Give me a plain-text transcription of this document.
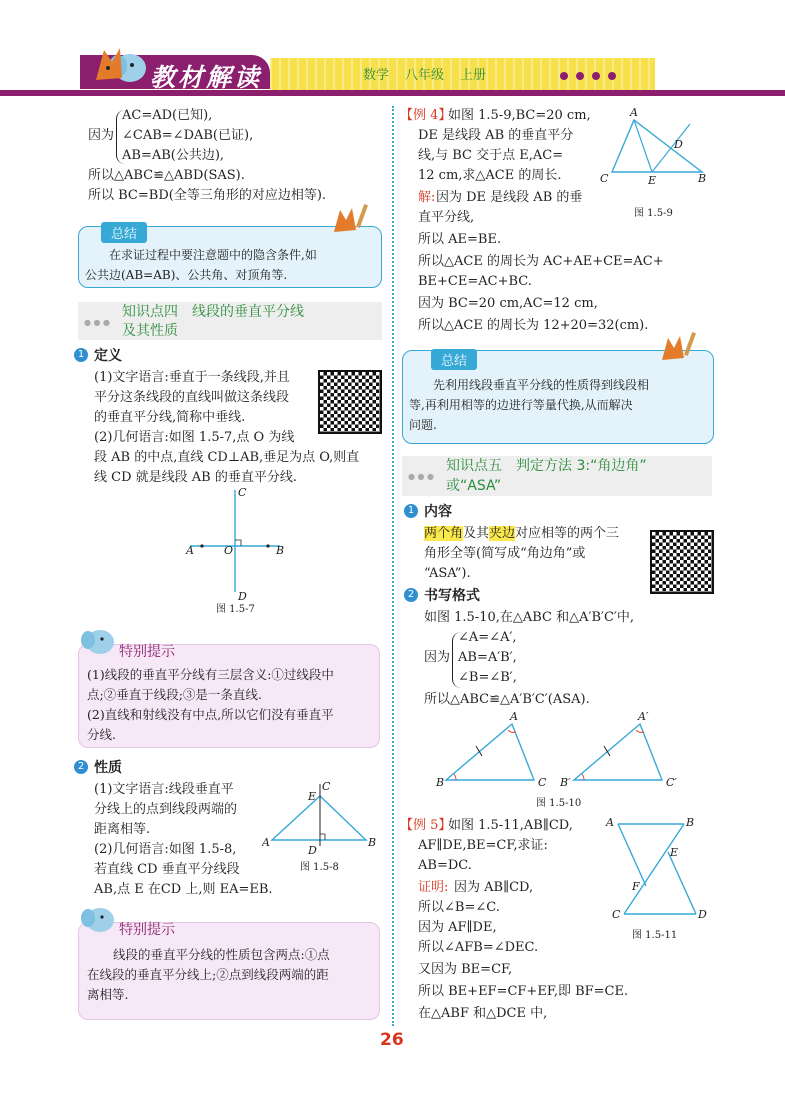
教材解读	数学 八年级 上册
因为
AC=AD(已知),
∠CAB=∠DAB(已证),
AB=AB(公共边),
所以△ABC≌△ABD(SAS).
所以 BC=BD(全等三角形的对应边相等).
总结
在求证过程中要注意题中的隐含条件,如
公共边(AB=AB)、公共角、对顶角等.
● ● ●
知识点四　线段的垂直平分线
及其性质
1 定义
(1)文字语言:垂直于一条线段,并且
平分这条线段的直线叫做这条线段
的垂直平分线,简称中垂线.
(2)几何语言:如图 1.5-7,点 O 为线
段 AB 的中点,直线 CD⊥AB,垂足为点 O,则直
线 CD 就是线段 AB 的垂直平分线.
C
A	O	B
D
图 1.5-7
特别提示
(1)线段的垂直平分线有三层含义:①过线段中
点;②垂直于线段;③是一条直线.
(2)直线和射线没有中点,所以它们没有垂直平
分线.
2 性质
(1)文字语言:线段垂直平
分线上的点到线段两端的
距离相等.
(2)几何语言:如图 1.5-8,
若直线 CD 垂直平分线段
AB,点 E 在CD 上,则 EA=EB.
C
E
A	B
D
图 1.5-8
特别提示
线段的垂直平分线的性质包含两点:①点
在线段的垂直平分线上;②点到线段两端的距
离相等.
【例 4】
如图 1.5-9,BC=20 cm,
DE 是线段 AB 的垂直平分
线,与 BC 交于点 E,AC=
12 cm,求△ACE 的周长.
解: 因为 DE 是线段 AB 的垂
直平分线,
所以 AE=BE.
所以△ACE 的周长为 AC+AE+CE=AC+
BE+CE=AC+BC.
因为 BC=20 cm,AC=12 cm,
所以△ACE 的周长为 12+20=32(cm).
A
D
C	E	B
图 1.5-9
总结
先利用线段垂直平分线的性质得到线段相
等,再利用相等的边进行等量代换,从而解决
问题.
● ● ●
知识点五　判定方法 3:“角边角”
或“ASA”
1 内容
两个角及其夹边对应相等的两个三
角形全等(简写成“角边角”或
“ASA”).
2 书写格式
如图 1.5-10,在△ABC 和△A′B′C′中,
因为
∠A=∠A′,
AB=A′B′,
∠B=∠B′,
所以△ABC≌△A′B′C′(ASA).
A
B	C
A′
B′	C′
图 1.5-10
【例 5】
如图 1.5-11,AB∥CD,
AF∥DE,BE=CF,求证:
AB=DC.
证明: 因为 AB∥CD,
所以∠B=∠C.
因为 AF∥DE,
所以∠AFB=∠DEC.
又因为 BE=CF,
所以 BE+EF=CF+EF,即 BF=CE.
在△ABF 和△DCE 中,
A	B
E
F
C	D
图 1.5-11
26
